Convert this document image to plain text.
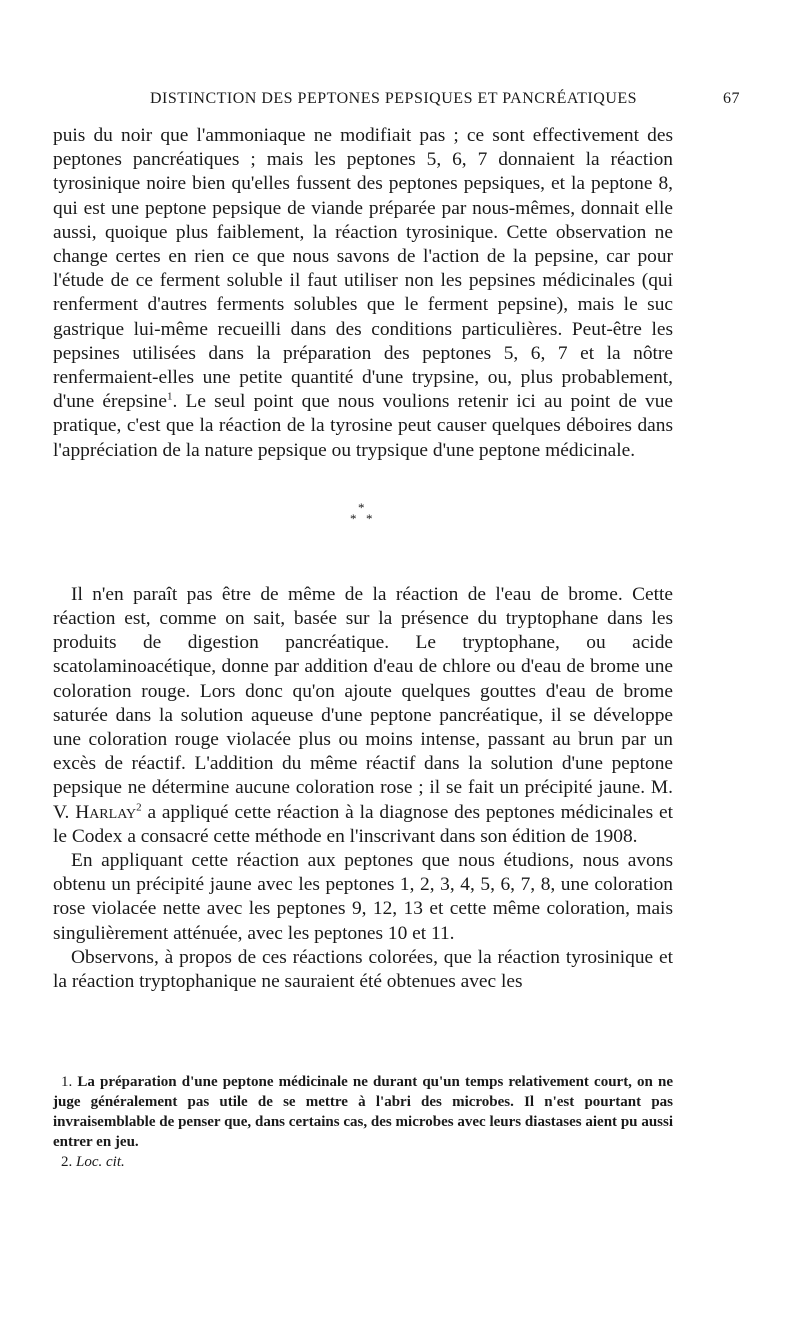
DISTINCTION DES PEPTONES PEPSIQUES ET PANCRÉATIQUES	67

puis du noir que l'ammoniaque ne modifiait pas ; ce sont effectivement des peptones pancréatiques ; mais les peptones 5, 6, 7 donnaient la réaction tyrosinique noire bien qu'elles fussent des peptones pepsiques, et la peptone 8, qui est une peptone pepsique de viande préparée par nous-mêmes, donnait elle aussi, quoique plus faiblement, la réaction tyrosinique. Cette observation ne change certes en rien ce que nous savons de l'action de la pepsine, car pour l'étude de ce ferment soluble il faut utiliser non les pepsines médicinales (qui renferment d'autres ferments solubles que le ferment pepsine), mais le suc gastrique lui-même recueilli dans des conditions particulières. Peut-être les pepsines utilisées dans la préparation des peptones 5, 6, 7 et la nôtre renfermaient-elles une petite quantité d'une trypsine, ou, plus probablement, d'une érepsine$^1$. Le seul point que nous voulions retenir ici au point de vue pratique, c'est que la réaction de la tyrosine peut causer quelques déboires dans l'appréciation de la nature pepsique ou trypsique d'une peptone médicinale.

*
* *

Il n'en paraît pas être de même de la réaction de l'eau de brome. Cette réaction est, comme on sait, basée sur la présence du tryptophane dans les produits de digestion pancréatique. Le tryptophane, ou acide scatolaminoacétique, donne par addition d'eau de chlore ou d'eau de brome une coloration rouge. Lors donc qu'on ajoute quelques gouttes d'eau de brome saturée dans la solution aqueuse d'une peptone pancréatique, il se développe une coloration rouge violacée plus ou moins intense, passant au brun par un excès de réactif. L'addition du même réactif dans la solution d'une peptone pepsique ne détermine aucune coloration rose ; il se fait un précipité jaune. M. V. Harlay$^2$ a appliqué cette réaction à la diagnose des peptones médicinales et le Codex a consacré cette méthode en l'inscrivant dans son édition de 1908.

En appliquant cette réaction aux peptones que nous étudions, nous avons obtenu un précipité jaune avec les peptones 1, 2, 3, 4, 5, 6, 7, 8, une coloration rose violacée nette avec les peptones 9, 12, 13 et cette même coloration, mais singulièrement atténuée, avec les peptones 10 et 11.

Observons, à propos de ces réactions colorées, que la réaction tyrosinique et la réaction tryptophanique ne sauraient été obtenues avec les

1. La préparation d'une peptone médicinale ne durant qu'un temps relativement court, on ne juge généralement pas utile de se mettre à l'abri des microbes. Il n'est pourtant pas invraisemblable de penser que, dans certains cas, des microbes avec leurs diastases aient pu aussi entrer en jeu.

2. Loc. cit.
